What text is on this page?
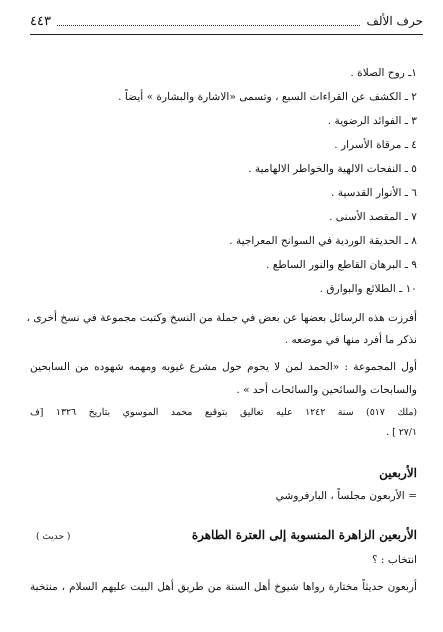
حرف الألف
٤٤٣
١ـ روح الصلاة .
٢ ـ الكشف عن القراءات السبع ، وتسمى «الاشارة والبشارة » أيضاً .
٣ ـ الفوائد الرضوية .
٤ ـ مرقاة الأسرار .
٥ ـ النفحات الالهية والخواطر الالهامية .
٦ ـ الأنوار القدسية .
٧ ـ المقصد الأسنى .
٨ ـ الحديقة الوردية في السوانح المعراجية .
٩ ـ البرهان القاطع والنور الساطع .
١٠ ـ الطلائع والبوارق .
أفرزت هذه الرسائل بعضها عن بعض في جملة من النسخ وكتبت مجموعة في نسخ أخرى ،
نذكر ما أفرد منها في موضعه .
أول المجموعة : «الحمد لمن لا يحوم حول مشرع غيوبه ومهمه شهوده من السابحين
والسابحات والسائحين والسائحات أحد » .
(ملك ٥١٧) سنة ١٢٤٢ عليه تعاليق بتوقيع محمد الموسوي بتاريخ ١٣٢٦ [ف
٢٧/١ ] .
الأربعين
= الأربعون مجلساً ، البارفروشي
الأربعين الزاهرة المنسوبة إلى العترة الطاهرة
( حديث )
انتخاب : ؟
أربعون حديثاً مختارة رواها شيوخ أهل السنة من طريق أهل البيت عليهم السلام ، منتخبة
